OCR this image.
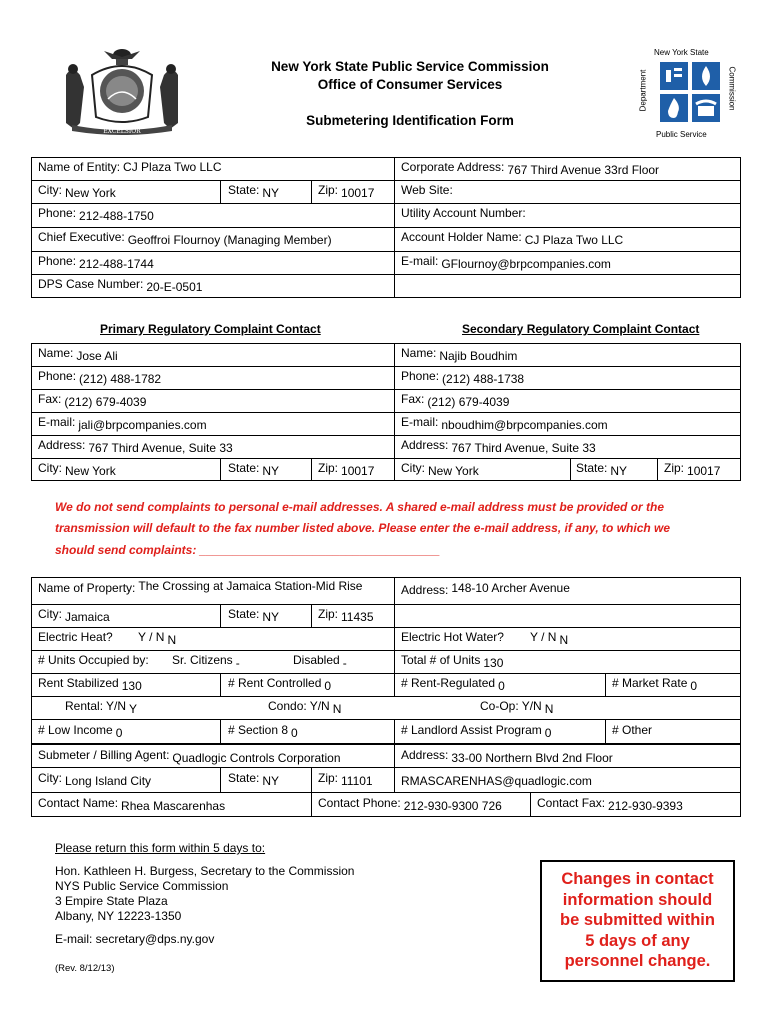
EXCELSIOR
New York State Public Service Commission
Office of Consumer Services
Submetering Identification Form
New York State
Department	Commission
Public Service
Name of Entity: CJ Plaza Two LLC	Corporate Address: 767 Third Avenue 33rd Floor
City: New York	State: NY	Zip: 10017 Web Site:
Phone: 212-488-1750	Utility Account Number:
Chief Executive: Geoffroi Flournoy (Managing Member)	Account Holder Name: CJ Plaza Two LLC
Phone: 212-488-1744	E-mail: GFlournoy@brpcompanies.com
DPS Case Number: 20-E-0501
Primary Regulatory Complaint Contact	Secondary Regulatory Complaint Contact
Name: Jose Ali	Name: Najib Boudhim
Phone: (212) 488-1782	Phone: (212) 488-1738
Fax: (212) 679-4039	Fax: (212) 679-4039
E-mail: jali@brpcompanies.com	E-mail: nboudhim@brpcompanies.com
Address: 767 Third Avenue, Suite 33	Address: 767 Third Avenue, Suite 33
City: New York	State: NY	Zip: 10017 City: New York	State: NY	Zip: 10017
We do not send complaints to personal e-mail addresses. A shared e-mail address must be provided or the
transmission will default to the fax number listed above. Please enter the e-mail address, if any, to which we
should send complaints: ____________________________________
Name of Property: The Crossing at Jamaica Station-Mid Rise	Address: 148-10 Archer Avenue
City: Jamaica	State: NY	Zip: 11435
Electric Heat? Y / N N	Electric Hot Water? Y / N N
# Units Occupied by: Sr. Citizens -	Disabled -	Total # of Units 130
Rent Stabilized 130	# Rent Controlled 0	# Rent-Regulated 0	# Market Rate 0
Rental: Y/N Y	Condo: Y/N N	Co-Op: Y/N N
# Low Income 0	# Section 8 0	# Landlord Assist Program 0	# Other
Submeter / Billing Agent: Quadlogic Controls Corporation	Address: 33-00 Northern Blvd 2nd Floor
City: Long Island City	State: NY	Zip: 11101 RMASCARENHAS@quadlogic.com
Contact Name: Rhea Mascarenhas	Contact Phone: 212-930-9300 726	Contact Fax: 212-930-9393
Please return this form within 5 days to:
Hon. Kathleen H. Burgess, Secretary to the Commission
NYS Public Service Commission
3 Empire State Plaza
Albany, NY 12223-1350
E-mail: secretary@dps.ny.gov
(Rev. 8/12/13)
Changes in contact
information should
be submitted within
5 days of any
personnel change.
